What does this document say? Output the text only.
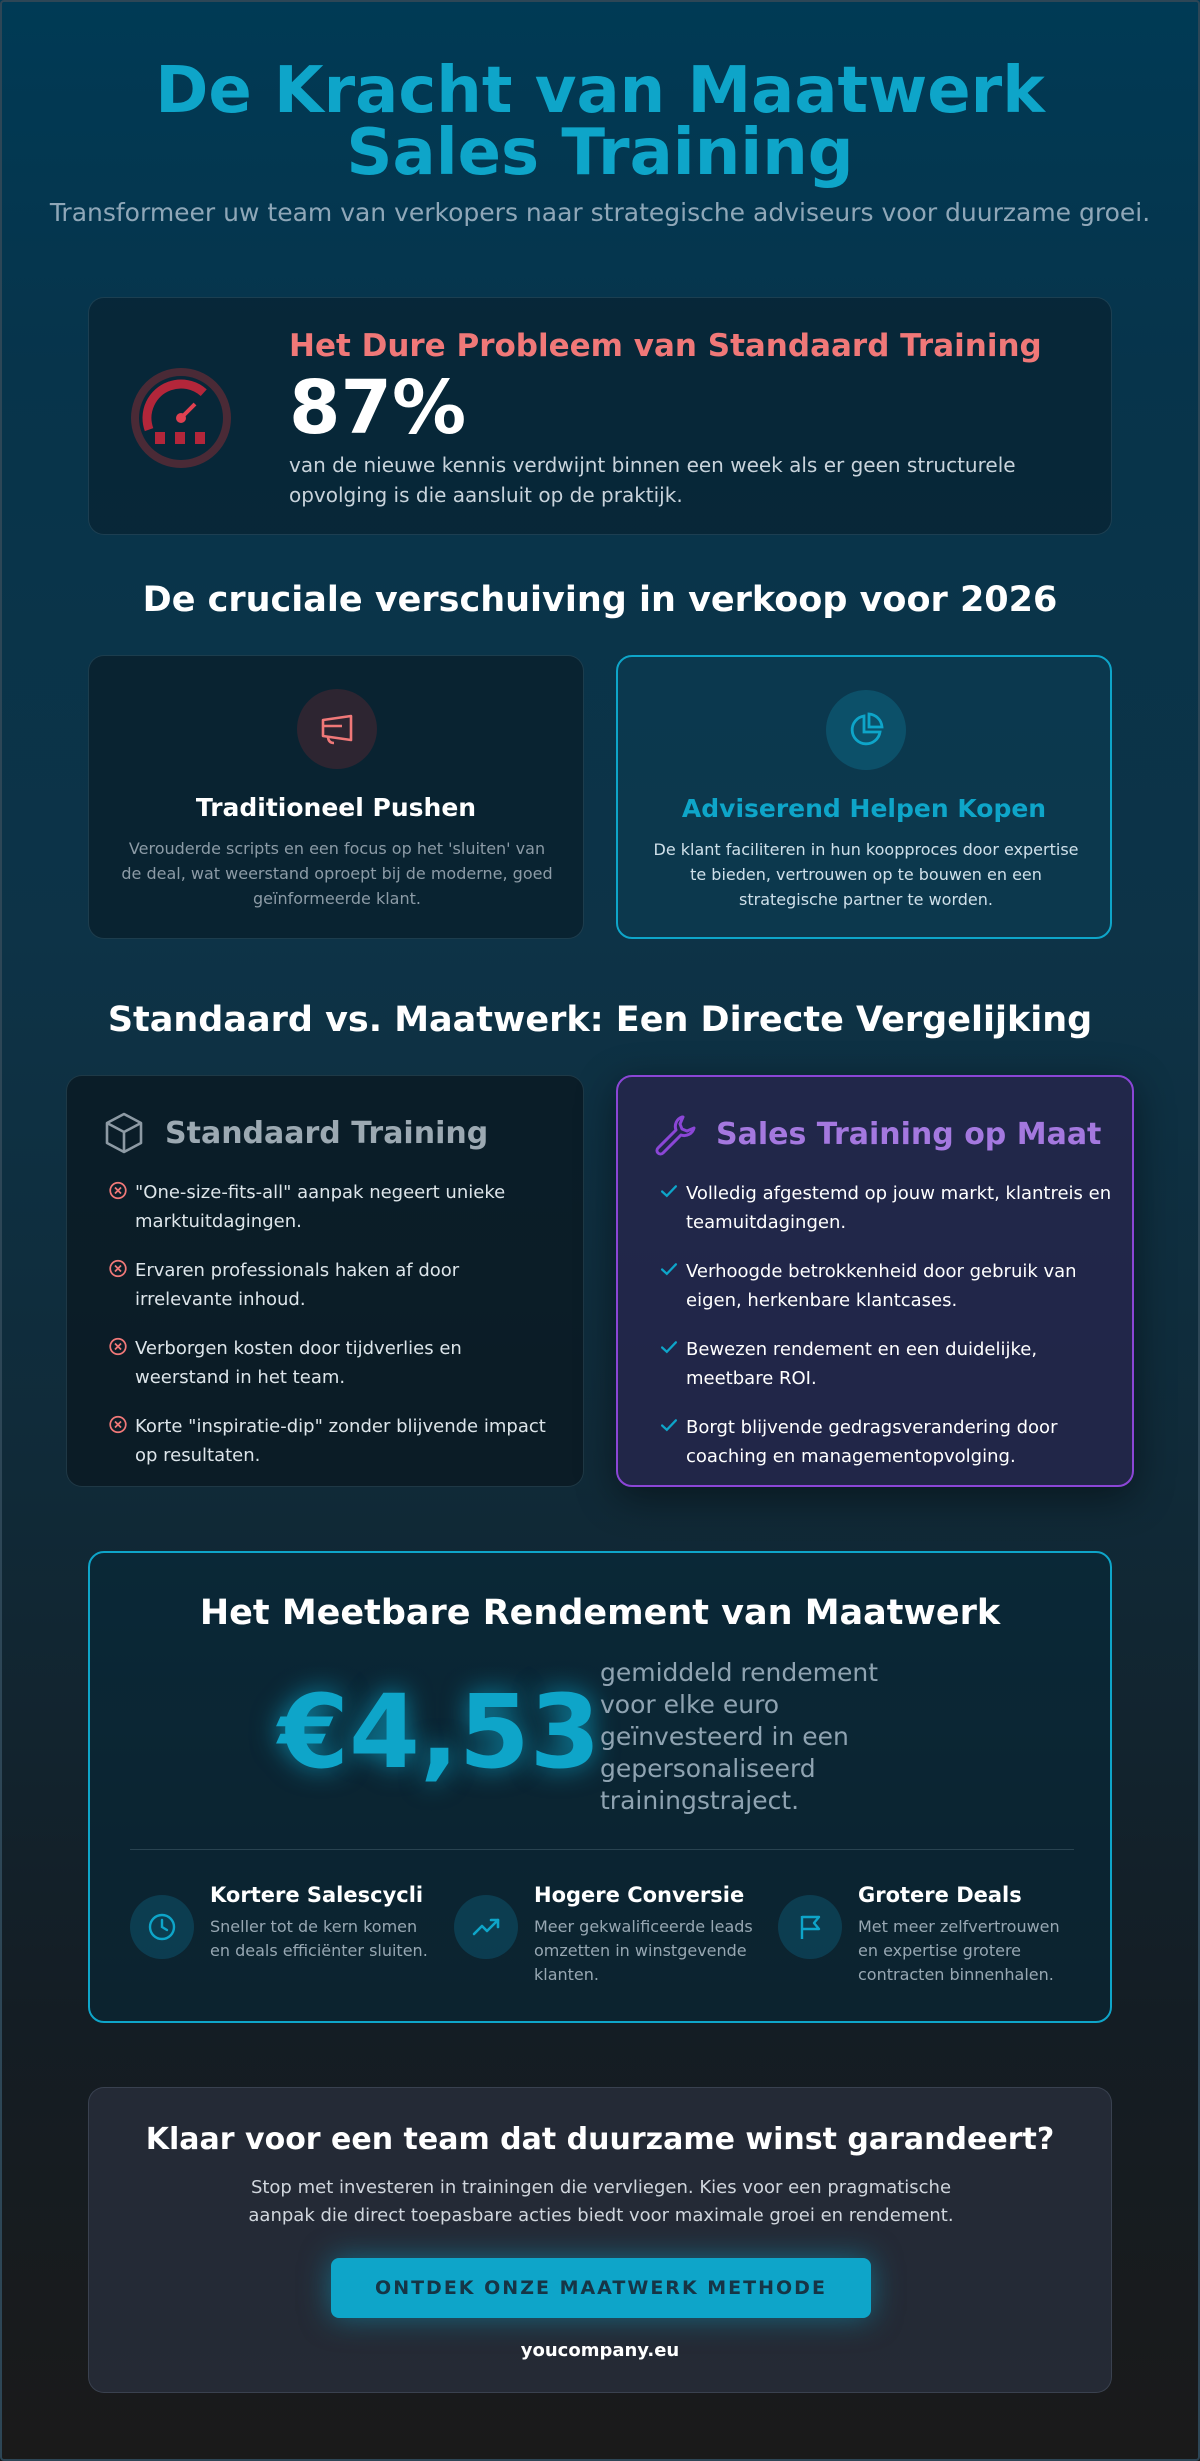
De Kracht van Maatwerk Sales Training

Transformeer uw team van verkopers naar strategische adviseurs voor duurzame groei.

Het Dure Probleem van Standaard Training
87%

van de nieuwe kennis verdwijnt binnen een week als er geen structurele opvolging is die aansluit op de praktijk.

De cruciale verschuiving in verkoop voor 2026
Traditioneel Pushen

Verouderde scripts en een focus op het 'sluiten' van de deal, wat weerstand oproept bij de moderne, goed geïnformeerde klant.

Adviserend Helpen Kopen

De klant faciliteren in hun koopproces door expertise te bieden, vertrouwen op te bouwen en een strategische partner te worden.

Standaard vs. Maatwerk: Een Directe Vergelijking
Standaard Training
"One-size-fits-all" aanpak negeert unieke marktuitdagingen.
Ervaren professionals haken af door irrelevante inhoud.
Verborgen kosten door tijdverlies en weerstand in het team.
Korte "inspiratie-dip" zonder blijvende impact op resultaten.
Sales Training op Maat
Volledig afgestemd op jouw markt, klantreis en teamuitdagingen.
Verhoogde betrokkenheid door gebruik van eigen, herkenbare klantcases.
Bewezen rendement en een duidelijke, meetbare ROI.
Borgt blijvende gedragsverandering door coaching en managementopvolging.
Het Meetbare Rendement van Maatwerk
€4,53

gemiddeld rendement voor elke euro geïnvesteerd in een gepersonaliseerd trainingstraject.

Kortere Salescycli

Sneller tot de kern komen en deals efficiënter sluiten.

Hogere Conversie

Meer gekwalificeerde leads omzetten in winstgevende klanten.

Grotere Deals

Met meer zelfvertrouwen en expertise grotere contracten binnenhalen.

Klaar voor een team dat duurzame winst garandeert?

Stop met investeren in trainingen die vervliegen. Kies voor een pragmatische aanpak die direct toepasbare acties biedt voor maximale groei en rendement.

ONTDEK ONZE MAATWERK METHODE
youcompany.eu
